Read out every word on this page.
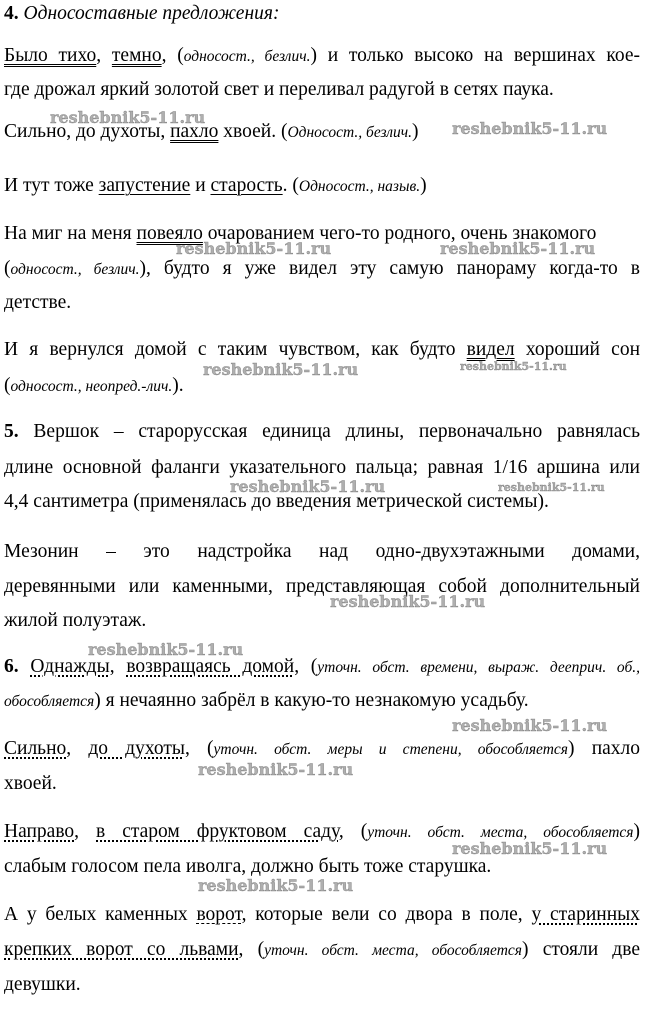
4. Односоставные предложения:
Было тихо, темно, (односост., безлич.) и только высоко на вершинах кое-
где дрожал яркий золотой свет и переливал радугой в сетях паука.
Сильно, до духоты, пахло хвоей. (Односост., безлич.)
И тут тоже запустение и старость. (Односост., назыв.)
На миг на меня повеяло очарованием чего-то родного, очень знакомого
(односост., безлич.), будто я уже видел эту самую панораму когда-то в
детстве.
И я вернулся домой с таким чувством, как будто видел хороший сон
(односост., неопред.-лич.).
5. Вершок – старорусская единица длины, первоначально равнялась
длине основной фаланги указательного пальца; равная 1/16 аршина или
4,4 сантиметра (применялась до введения метрической системы).
Мезонин – это надстройка над одно-двухэтажными домами,
деревянными или каменными, представляющая собой дополнительный
жилой полуэтаж.
6. Однажды, возвращаясь домой, (уточн. обст. времени, выраж. дееприч. об.,
обособляется) я нечаянно забрёл в какую-то незнакомую усадьбу.
Сильно, до духоты, (уточн. обст. меры и степени, обособляется) пахло
хвоей.
Направо, в старом фруктовом саду, (уточн. обст. места, обособляется)
слабым голосом пела иволга, должно быть тоже старушка.
А у белых каменных ворот, которые вели со двора в поле, у старинных
крепких ворот со львами, (уточн. обст. места, обособляется) стояли две
девушки.
reshebnik5-11.ru
reshebnik5-11.ru
reshebnik5-11.ru	reshebnik5-11.ru
reshebnik5-11.ru	reshebnik5-11.ru
reshebnik5-11.ru	reshebnik5-11.ru
reshebnik5-11.ru
reshebnik5-11.ru
reshebnik5-11.ru
reshebnik5-11.ru
reshebnik5-11.ru
reshebnik5-11.ru
